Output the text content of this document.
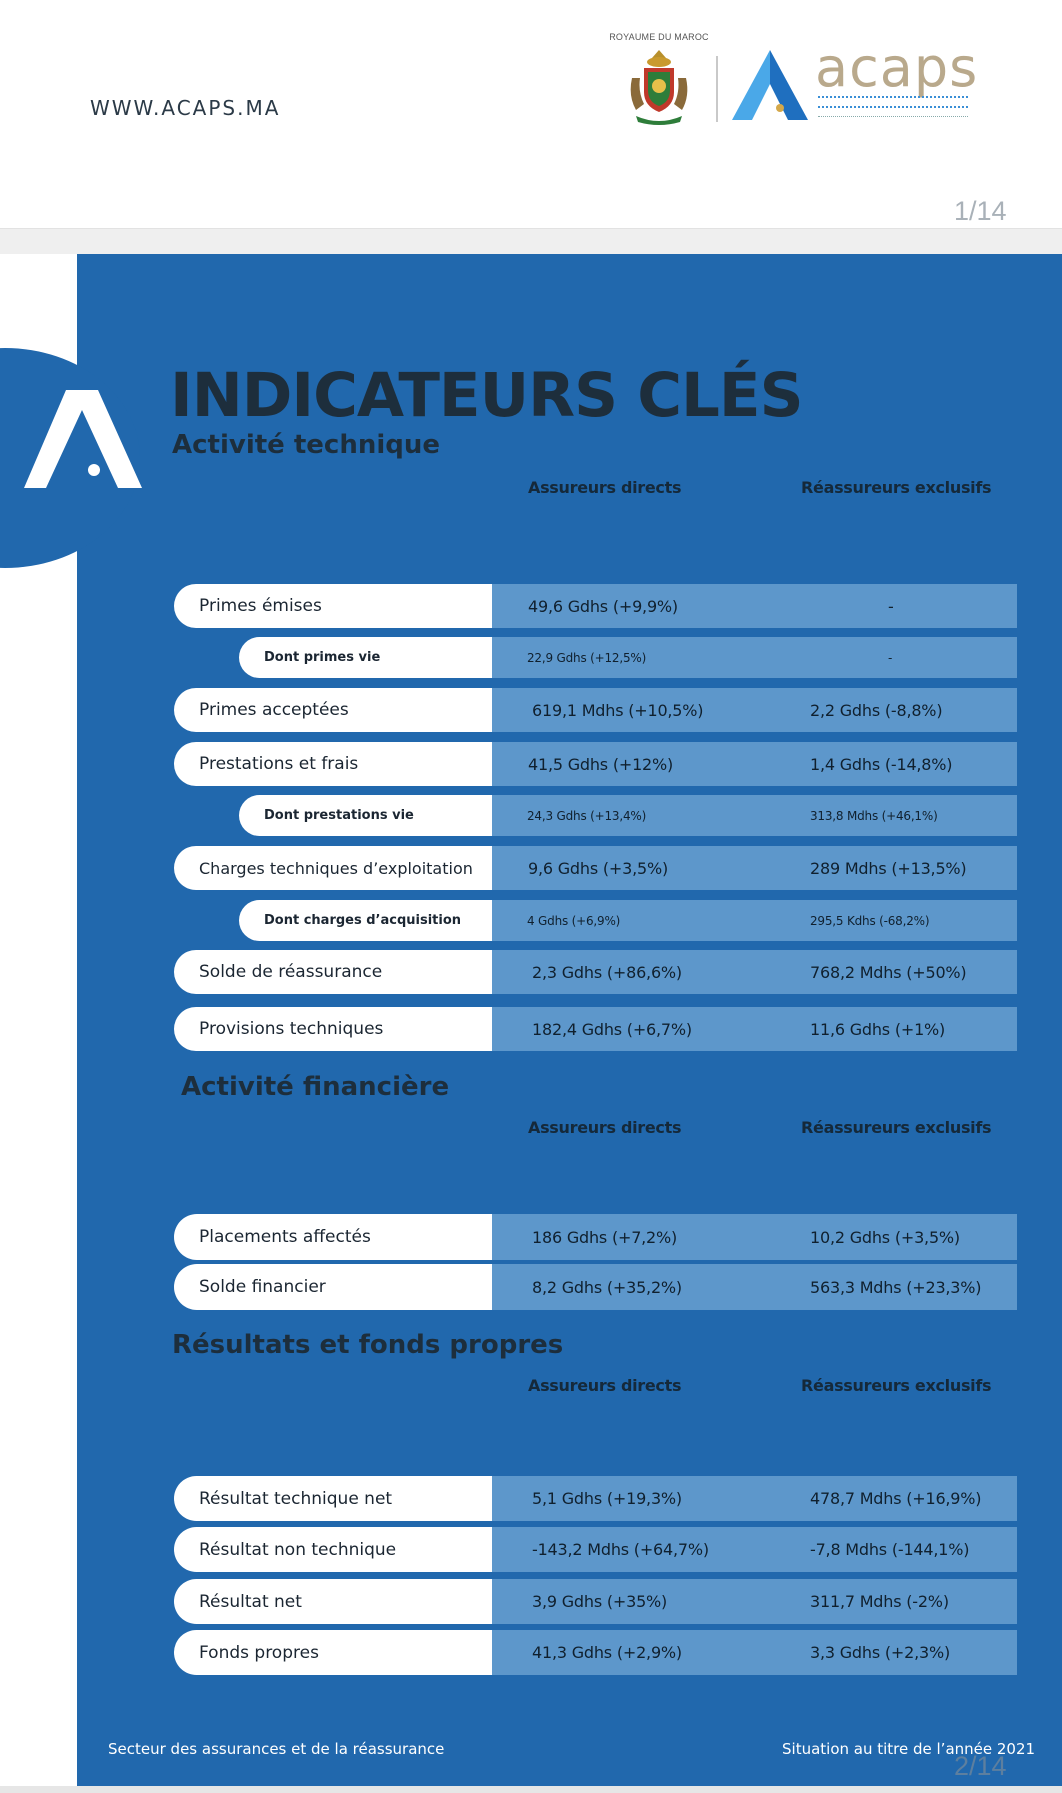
WWW.ACAPS.MA
ROYAUME DU MAROC acaps
1/14
INDICATEURS CLÉS
Activité technique
Assureurs directs	Réassureurs exclusifs
Primes émises	49,6 Gdhs (+9,9%)	-
Dont primes vie	22,9 Gdhs (+12,5%)	-
Primes acceptées	619,1 Mdhs (+10,5%)	2,2 Gdhs (-8,8%)
Prestations et frais	41,5 Gdhs (+12%)	1,4 Gdhs (-14,8%)
Dont prestations vie	24,3 Gdhs (+13,4%)	313,8 Mdhs (+46,1%)
Charges techniques d’exploitation	9,6 Gdhs (+3,5%)	289 Mdhs (+13,5%)
Dont charges d’acquisition	4 Gdhs (+6,9%)	295,5 Kdhs (-68,2%)
Solde de réassurance	2,3 Gdhs (+86,6%)	768,2 Mdhs (+50%)
Provisions techniques	182,4 Gdhs (+6,7%)	11,6 Gdhs (+1%)
Activité financière
Assureurs directs	Réassureurs exclusifs
Placements affectés	186 Gdhs (+7,2%)	10,2 Gdhs (+3,5%)
Solde financier	8,2 Gdhs (+35,2%)	563,3 Mdhs (+23,3%)
Résultats et fonds propres
Assureurs directs	Réassureurs exclusifs
Résultat technique net	5,1 Gdhs (+19,3%)	478,7 Mdhs (+16,9%)
Résultat non technique	-143,2 Mdhs (+64,7%)	-7,8 Mdhs (-144,1%)
Résultat net	3,9 Gdhs (+35%)	311,7 Mdhs (-2%)
Fonds propres	41,3 Gdhs (+2,9%)	3,3 Gdhs (+2,3%)
Secteur des assurances et de la réassurance	Situation au titre de l’année 2021
2/14
